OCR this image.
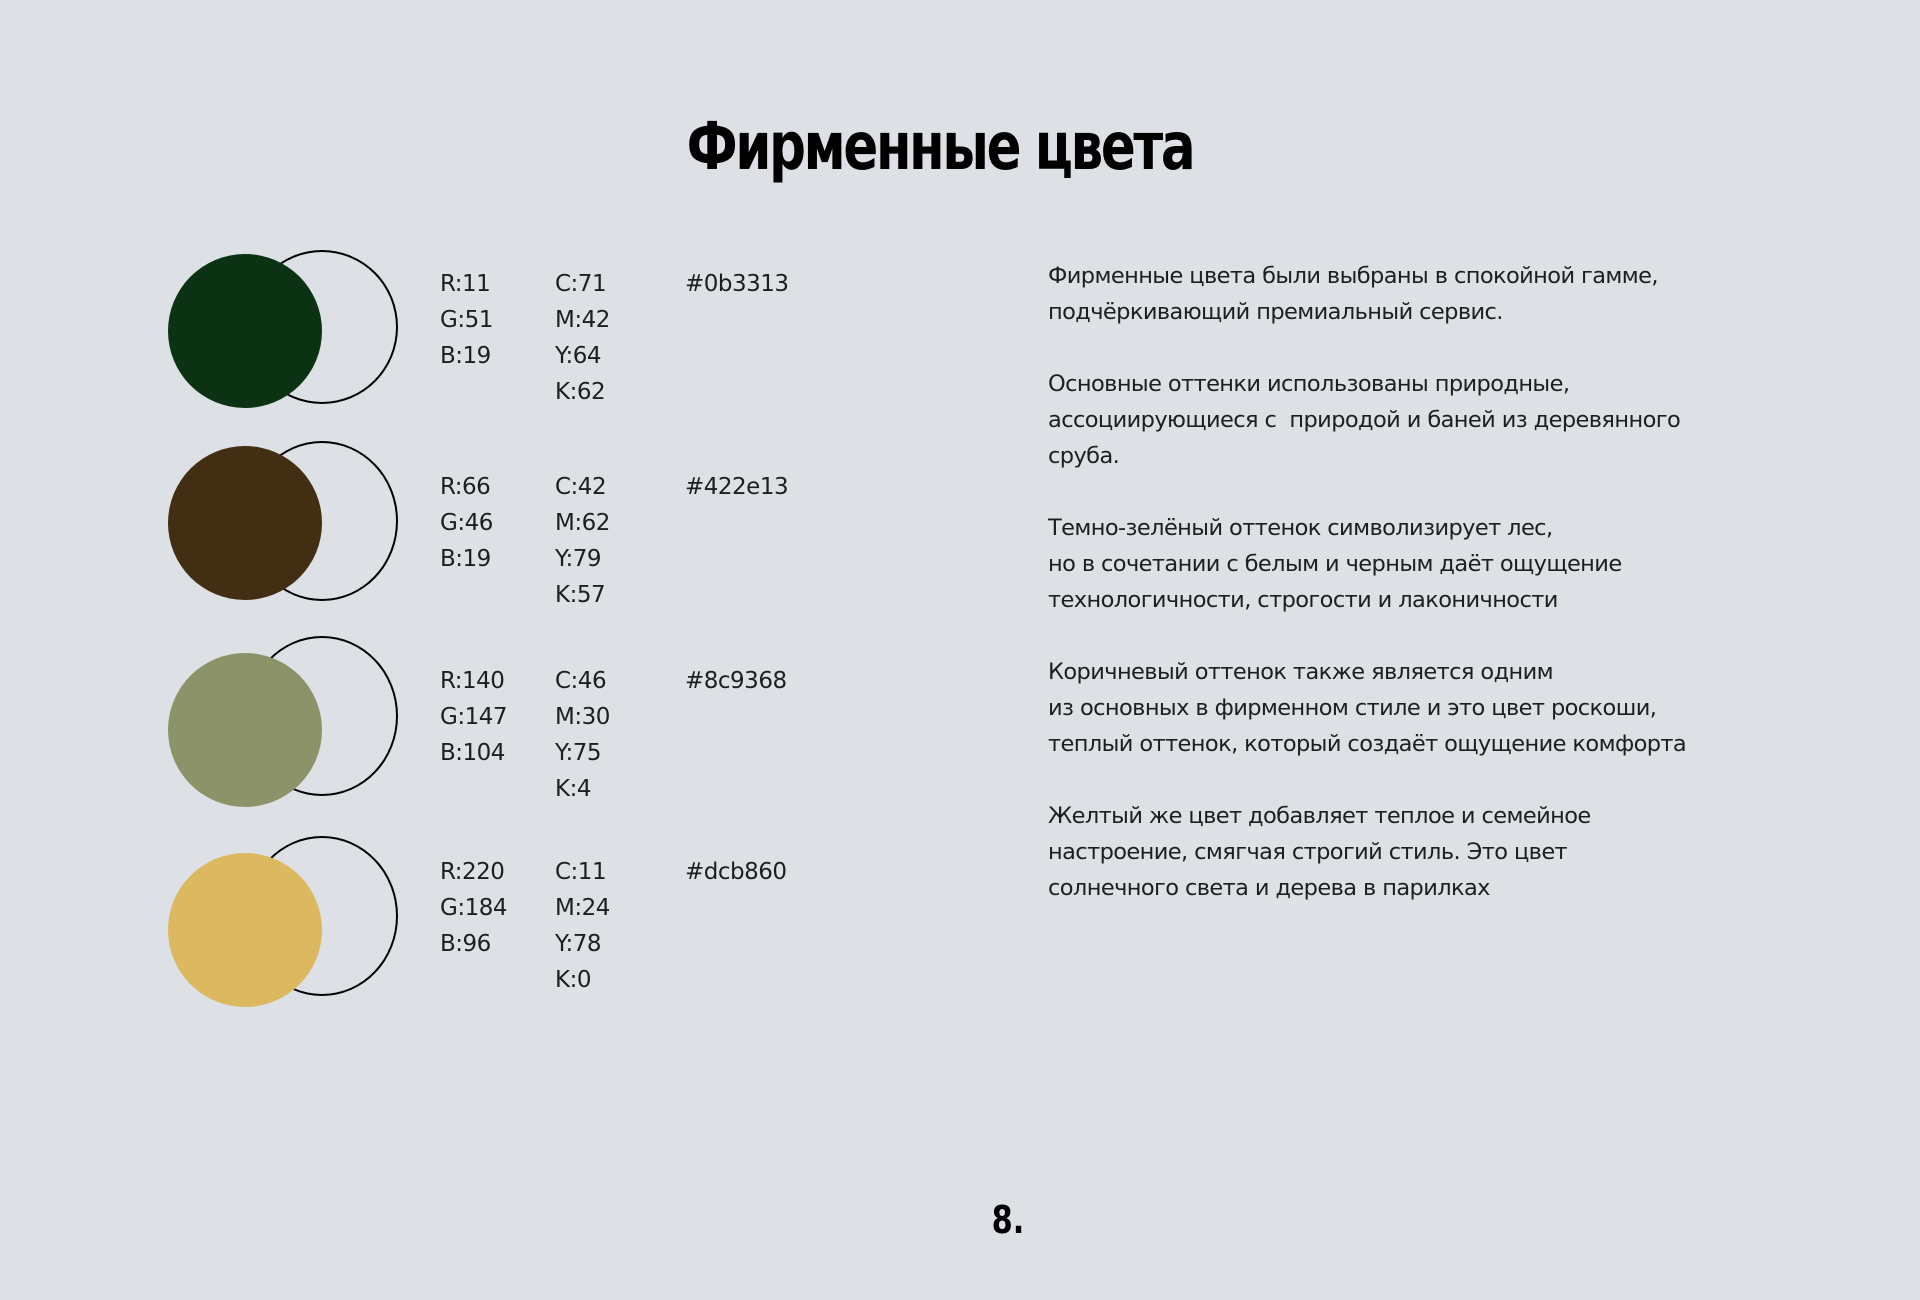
Фирменные цвета
R:11
G:51
B:19
C:71
M:42
Y:64
K:62
#0b3313
R:66
G:46
B:19
C:42
M:62
Y:79
K:57
#422e13
R:140
G:147
B:104
C:46
M:30
Y:75
K:4
#8c9368
R:220
G:184
B:96
C:11
M:24
Y:78
K:0
#dcb860

Фирменные цвета были выбраны в спокойной гамме,
подчёркивающий премиальный сервис.

Основные оттенки использованы природные,
ассоциирующиеся с  природой и баней из деревянного
сруба.

Темно-зелёный оттенок символизирует лес,
но в сочетании с белым и черным даёт ощущение
технологичности, строгости и лаконичности

Коричневый оттенок также является одним
из основных в фирменном стиле и это цвет роскоши,
теплый оттенок, который создаёт ощущение комфорта

Желтый же цвет добавляет теплое и семейное
настроение, смягчая строгий стиль. Это цвет
солнечного света и дерева в парилках

8.
